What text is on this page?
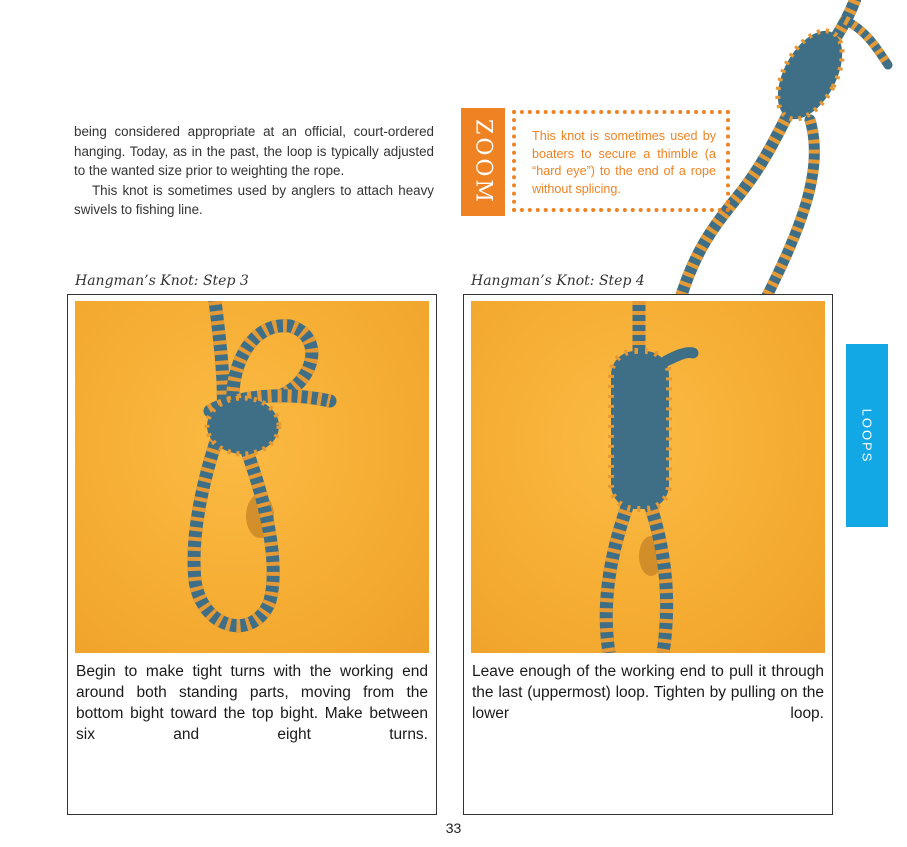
being considered appropriate at an official, court-ordered hanging. Today, as in the past, the loop is typically adjusted to the wanted size prior to weighting the rope.

This knot is sometimes used by anglers to attach heavy swivels to fishing line.

ZOOM	This knot is sometimes used by boaters to secure a thimble (a “hard eye”) to the end of a rope without splicing.

Hangman’s Knot: Step 3
Begin to make tight turns with the working end around both standing parts, moving from the bottom bight toward the top bight. Make between six and eight turns.
Hangman’s Knot: Step 4
Leave enough of the working end to pull it through the last (uppermost) loop. Tighten by pulling on the lower loop.
LOOPS
33
